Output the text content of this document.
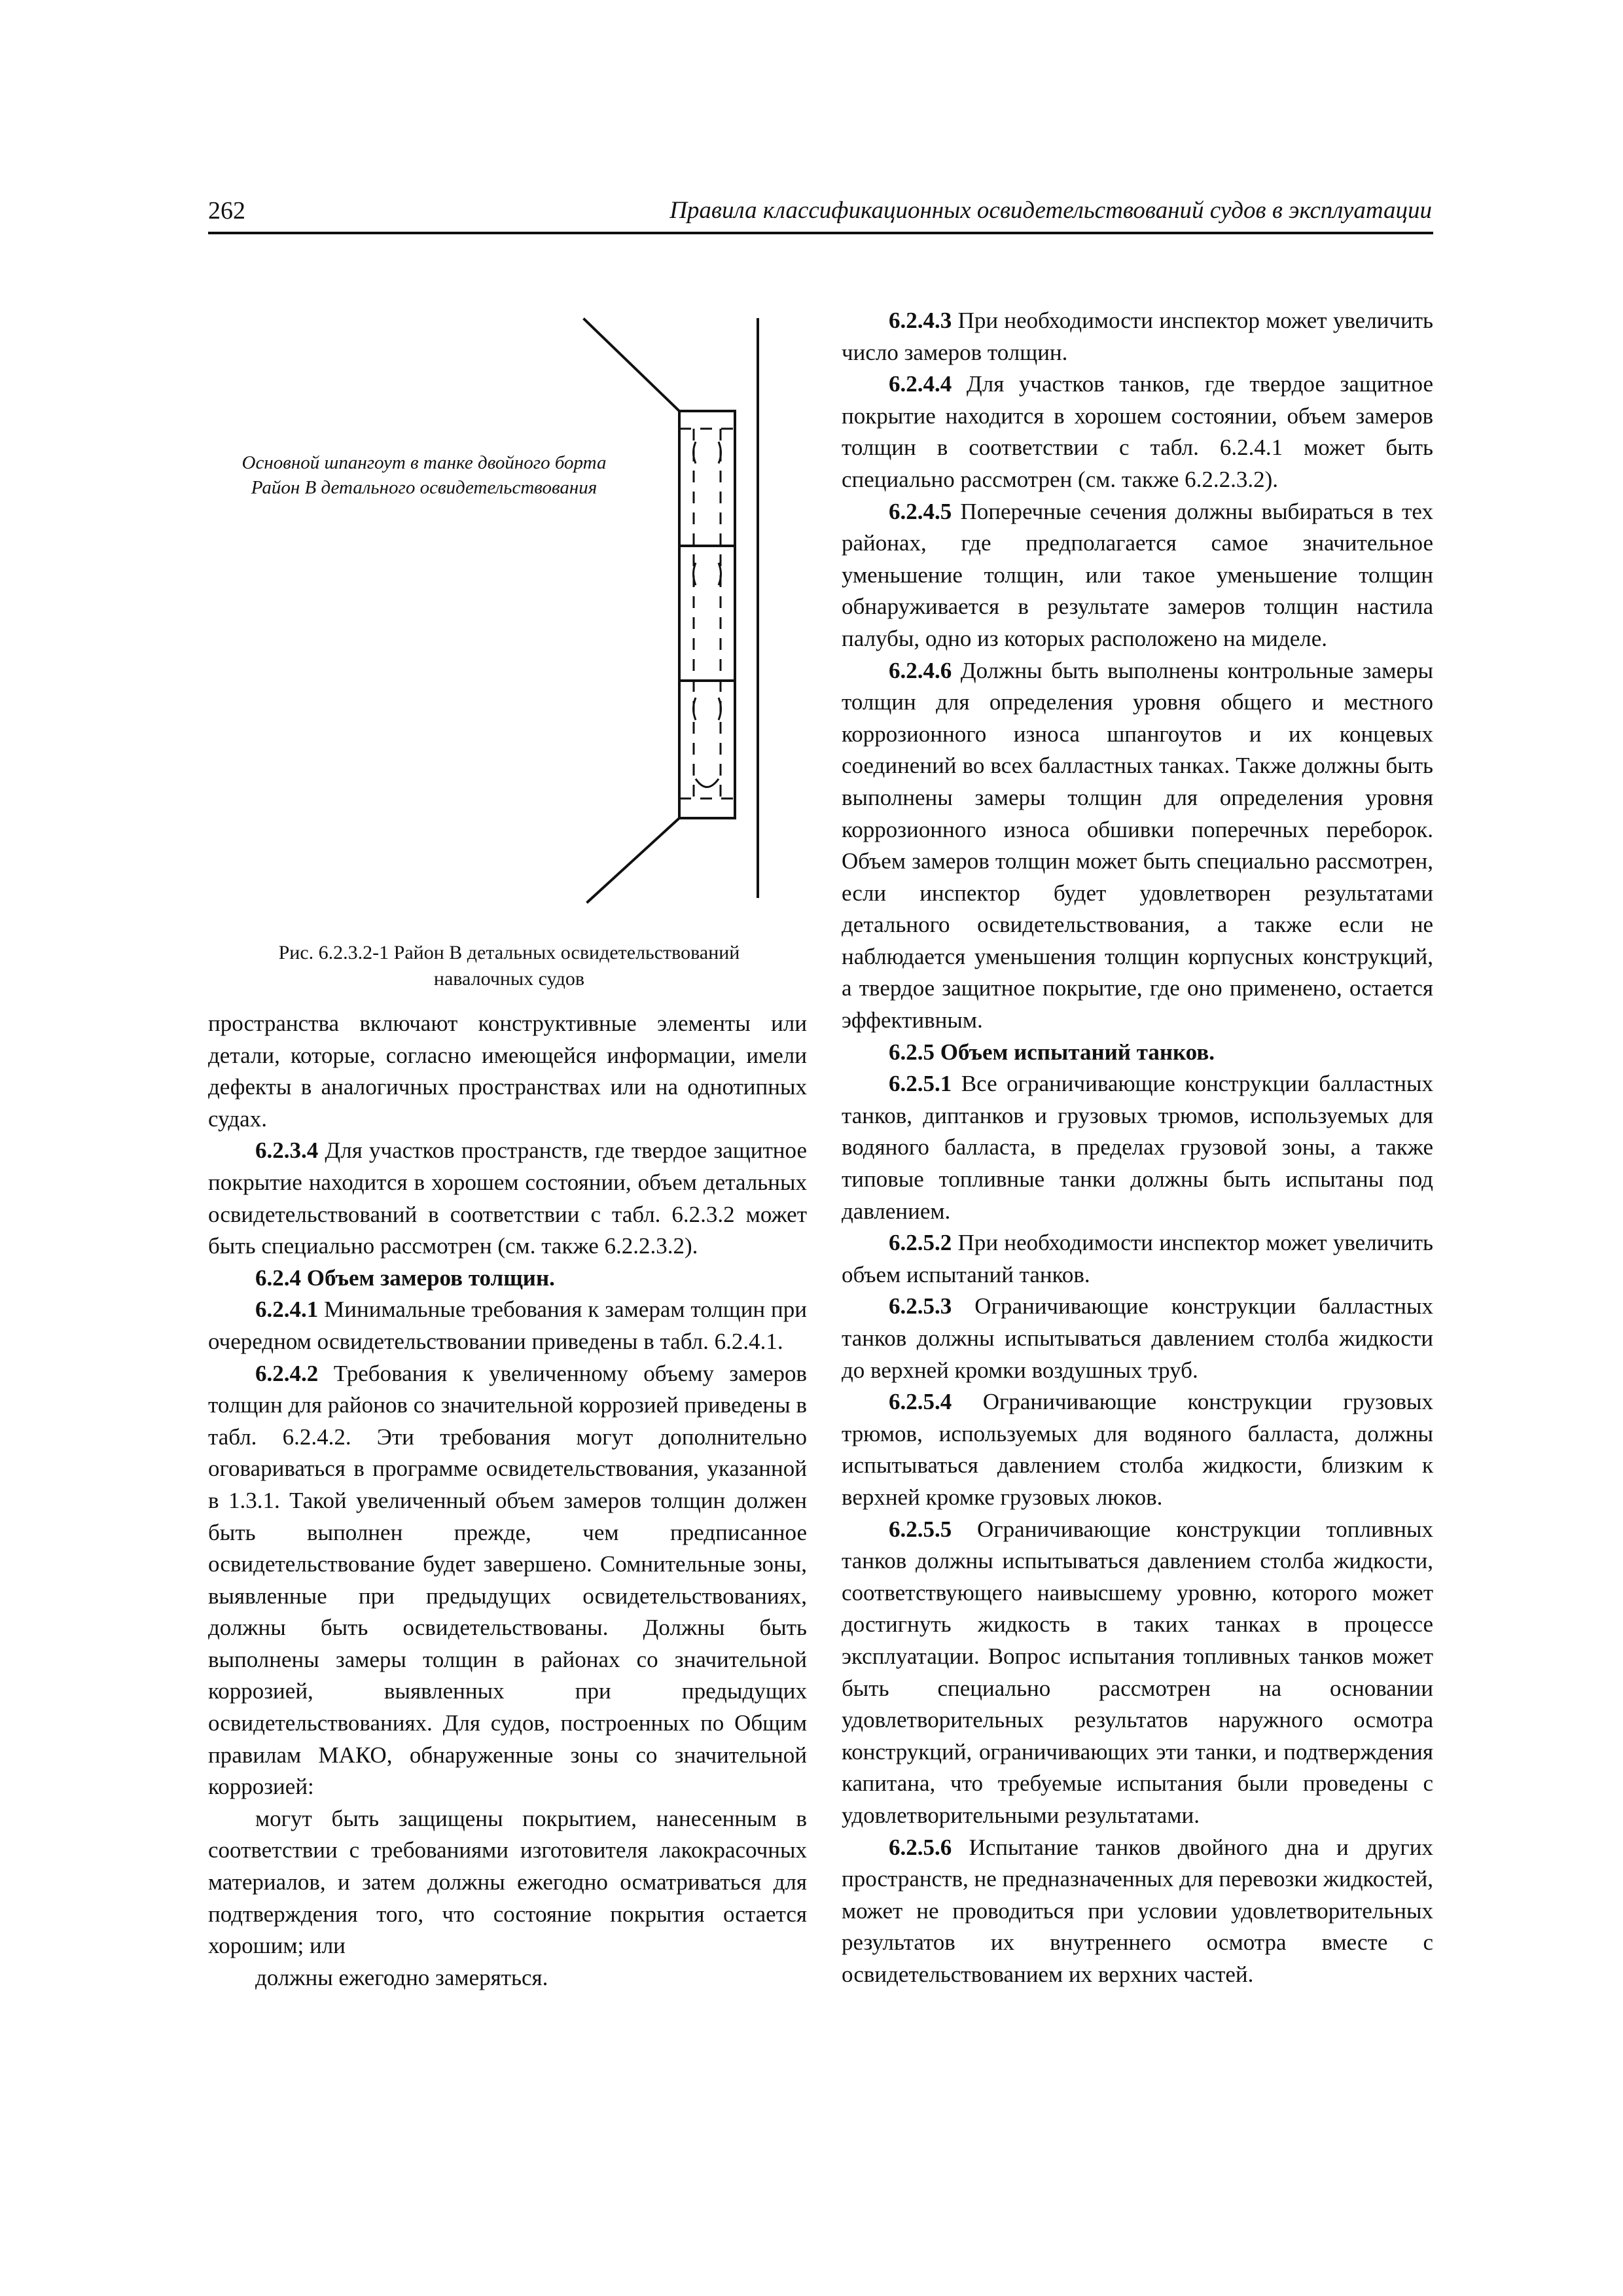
262	Правила классификационных освидетельствований судов в эксплуатации
Основной шпангоут в танке двойного борта
Район В детального освидетельствования
Рис. 6.2.3.2-1 Район В детальных освидетельствований
навалочных судов

пространства включают конструктивные элементы или детали, которые, согласно имеющейся информации, имели дефекты в аналогичных пространствах или на однотипных судах.

6.2.3.4 Для участков пространств, где твердое защитное покрытие находится в хорошем состоянии, объем детальных освидетельствований в соответствии с табл. 6.2.3.2 может быть специально рассмотрен (см. также 6.2.2.3.2).

6.2.4 Объем замеров толщин.

6.2.4.1 Минимальные требования к замерам толщин при очередном освидетельствовании приведены в табл. 6.2.4.1.

6.2.4.2 Требования к увеличенному объему замеров толщин для районов со значительной коррозией приведены в табл. 6.2.4.2. Эти требования могут дополнительно оговариваться в программе освидетельствования, указанной в 1.3.1. Такой увеличенный объем замеров толщин должен быть выполнен прежде, чем предписанное освидетельствование будет завершено. Сомнительные зоны, выявленные при предыдущих освидетельствованиях, должны быть освидетельствованы. Должны быть выполнены замеры толщин в районах со значительной коррозией, выявленных при предыдущих освидетельствованиях. Для судов, построенных по Общим правилам МАКО, обнаруженные зоны со значительной коррозией:

могут быть защищены покрытием, нанесенным в соответствии с требованиями изготовителя лакокрасочных материалов, и затем должны ежегодно осматриваться для подтверждения того, что состояние покрытия остается хорошим; или

должны ежегодно замеряться.

6.2.4.3 При необходимости инспектор может увеличить число замеров толщин.

6.2.4.4 Для участков танков, где твердое защитное покрытие находится в хорошем состоянии, объем замеров толщин в соответствии с табл. 6.2.4.1 может быть специально рассмотрен (см. также 6.2.2.3.2).

6.2.4.5 Поперечные сечения должны выбираться в тех районах, где предполагается самое значительное уменьшение толщин, или такое уменьшение толщин обнаруживается в результате замеров толщин настила палубы, одно из которых расположено на миделе.

6.2.4.6 Должны быть выполнены контрольные замеры толщин для определения уровня общего и местного коррозионного износа шпангоутов и их концевых соединений во всех балластных танках. Также должны быть выполнены замеры толщин для определения уровня коррозионного износа обшивки поперечных переборок. Объем замеров толщин может быть специально рассмотрен, если инспектор будет удовлетворен результатами детального освидетельствования, а также если не наблюдается уменьшения толщин корпусных конструкций, а твердое защитное покрытие, где оно применено, остается эффективным.

6.2.5 Объем испытаний танков.

6.2.5.1 Все ограничивающие конструкции балластных танков, диптанков и грузовых трюмов, используемых для водяного балласта, в пределах грузовой зоны, а также типовые топливные танки должны быть испытаны под давлением.

6.2.5.2 При необходимости инспектор может увеличить объем испытаний танков.

6.2.5.3 Ограничивающие конструкции балластных танков должны испытываться давлением столба жидкости до верхней кромки воздушных труб.

6.2.5.4 Ограничивающие конструкции грузовых трюмов, используемых для водяного балласта, должны испытываться давлением столба жидкости, близким к верхней кромке грузовых люков.

6.2.5.5 Ограничивающие конструкции топливных танков должны испытываться давлением столба жидкости, соответствующего наивысшему уровню, которого может достигнуть жидкость в таких танках в процессе эксплуатации. Вопрос испытания топливных танков может быть специально рассмотрен на основании удовлетворительных результатов наружного осмотра конструкций, ограничивающих эти танки, и подтверждения капитана, что требуемые испытания были проведены с удовлетворительными результатами.

6.2.5.6 Испытание танков двойного дна и других пространств, не предназначенных для перевозки жидкостей, может не проводиться при условии удовлетворительных результатов их внутреннего осмотра вместе с освидетельствованием их верхних частей.
